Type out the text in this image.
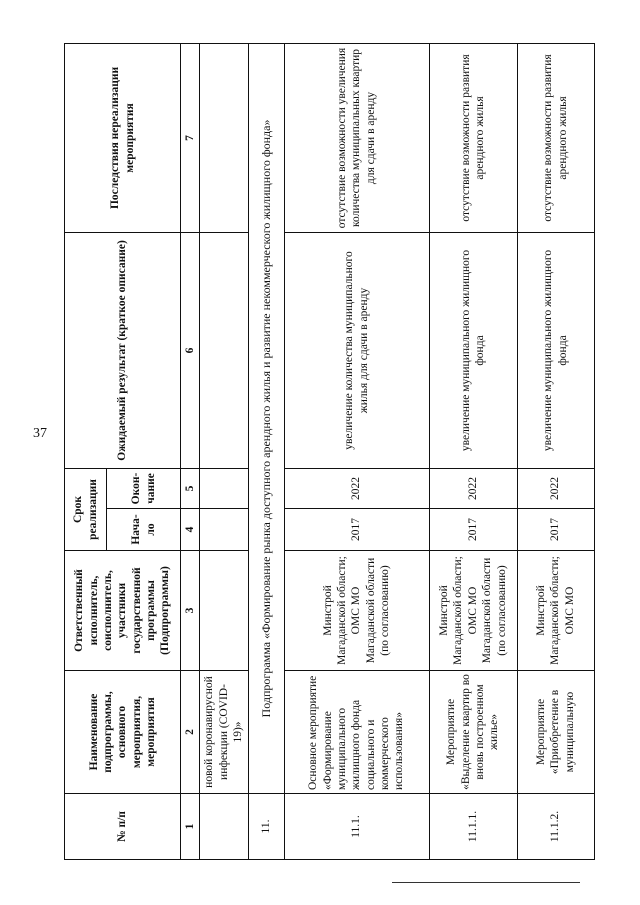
37
№ п/п	Наименование подпрограммы, основного мероприятия, мероприятия	Ответственный исполнитель, соисполнитель, участники государственной программы (Подпрограммы)	Срок реализации		Ожидаемый результат (краткое описание)	Последствия нереализации мероприятия
			Нача-ло	Окон-чание		
1	2	3	4	5	6	7
	новой коронавирусной инфекции (COVID-19)»					
11.	Подпрограмма «Формирование рынка доступного арендного жилья и развитие некоммерческого жилищного фонда»					
11.1.	Основное мероприятие «Формирование муниципального жилищного фонда социального и коммерческого использования»	Минстрой Магаданской области; ОМС МО Магаданской области (по согласованию)	2017	2022	увеличение количества муниципального жилья для сдачи в аренду	отсутствие возможности увеличения количества муниципальных квартир для сдачи в аренду
11.1.1.	Мероприятие «Выделение квартир во вновь построенном жилье»	Минстрой Магаданской области; ОМС МО Магаданской области (по согласованию)	2017	2022	увеличение муниципального жилищного фонда	отсутствие возможности развития арендного жилья
11.1.2.	Мероприятие «Приобретение в муниципальную	Минстрой Магаданской области; ОМС МО	2017	2022	увеличение муниципального жилищного фонда	отсутствие возможности развития арендного жилья
